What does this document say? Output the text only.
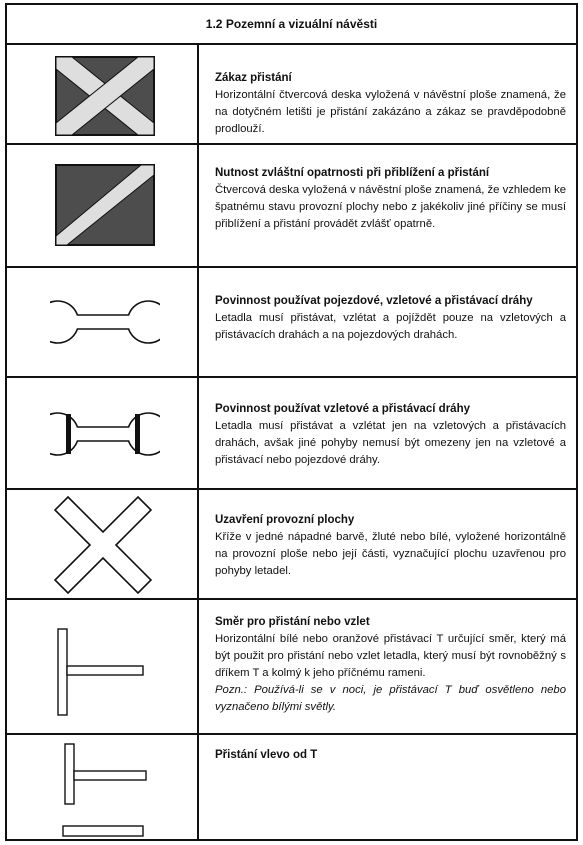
1.2 Pozemní a vizuální návěsti
Zákaz přistání
Horizontální čtvercová deska vyložená v návěstní ploše znamená, že na dotyčném letišti je přistání zakázáno a zákaz se pravděpodobně prodlouží.
Nutnost zvláštní opatrnosti při přiblížení a přistání
Čtvercová deska vyložená v návěstní ploše znamená, že vzhledem ke špatnému stavu provozní plochy nebo z jakékoliv jiné příčiny se musí přiblížení a přistání provádět zvlášť opatrně.
Povinnost používat pojezdové, vzletové a přistávací dráhy
Letadla musí přistávat, vzlétat a pojíždět pouze na vzletových a přistávacích drahách a na pojezdových drahách.
Povinnost používat vzletové a přistávací dráhy
Letadla musí přistávat a vzlétat jen na vzletových a přistávacích drahách, avšak jiné pohyby nemusí být omezeny jen na vzletové a přistávací nebo pojezdové dráhy.
Uzavření provozní plochy
Kříže v jedné nápadné barvě, žluté nebo bílé, vyložené horizontálně na provozní ploše nebo její části, vyznačující plochu uzavřenou pro pohyby letadel.
Směr pro přistání nebo vzlet
Horizontální bílé nebo oranžové přistávací T určující směr, který má být použit pro přistání nebo vzlet letadla, který musí být rovnoběžný s dříkem T a kolmý k jeho příčnému rameni.
Pozn.: Používá-li se v noci, je přistávací T buď osvětleno nebo vyznačeno bílými světly.
Přistání vlevo od T
